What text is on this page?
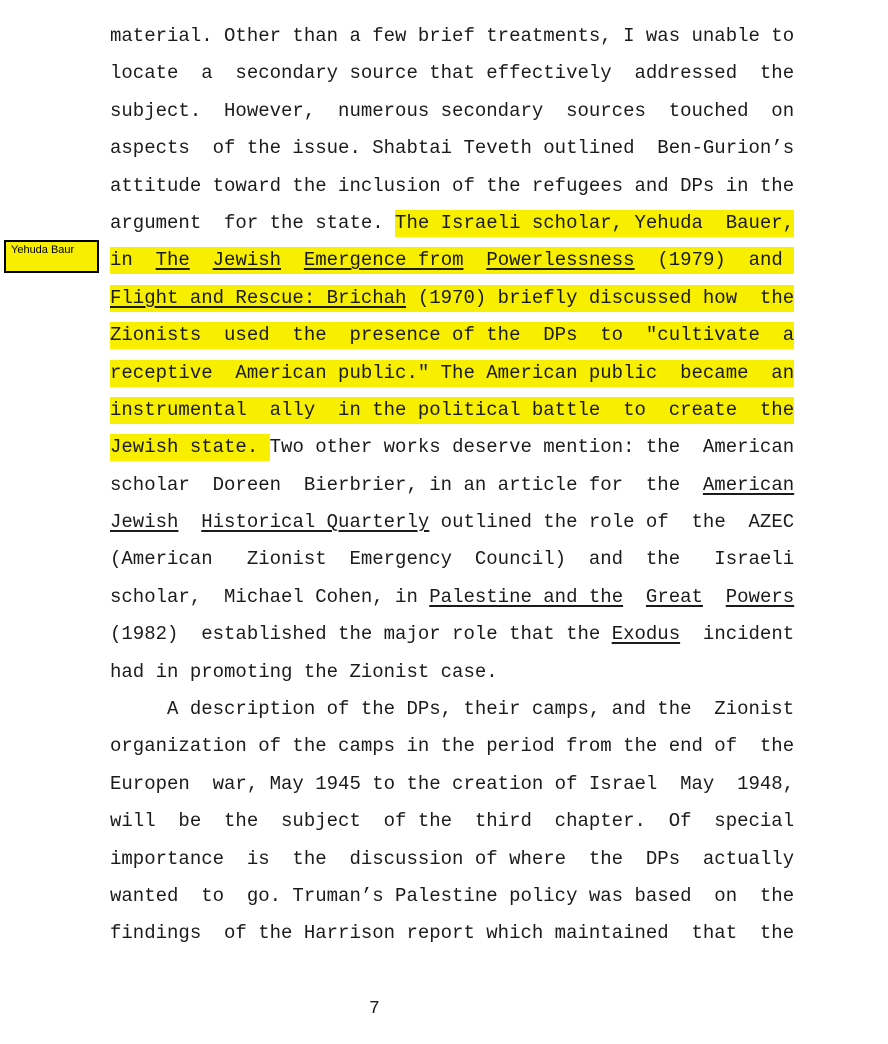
Yehuda Baur
material. Other than a few brief treatments, I was unable to
locate  a  secondary source that effectively  addressed  the
subject.  However,  numerous secondary  sources  touched  on
aspects  of the issue. Shabtai Teveth outlined  Ben-Gurion’s
attitude toward the inclusion of the refugees and DPs in the
argument  for the state. The Israeli scholar, Yehuda  Bauer,
in  The Jewish Emergence from Powerlessness  (1979)  and
Flight and Rescue: Brichah (1970) briefly discussed how  the
Zionists  used  the  presence of the  DPs  to  "cultivate  a
receptive  American public." The American public  became  an
instrumental  ally  in the political battle  to  create  the
Jewish state. Two other works deserve mention: the  American
scholar  Doreen  Bierbrier, in an article for  the  American
Jewish Historical Quarterly outlined the role of  the  AZEC
(American   Zionist  Emergency  Council)  and  the   Israeli
scholar,  Michael Cohen, in Palestine and the Great Powers
(1982)  established the major role that the Exodus  incident
had in promoting the Zionist case.
A description of the DPs, their camps, and the  Zionist
organization of the camps in the period from the end of  the
Europen  war, May 1945 to the creation of Israel  May  1948,
will  be  the  subject  of the  third  chapter.  Of  special
importance  is  the  discussion of where  the  DPs  actually
wanted  to  go. Truman’s Palestine policy was based  on  the
findings  of the Harrison report which maintained  that  the
7
